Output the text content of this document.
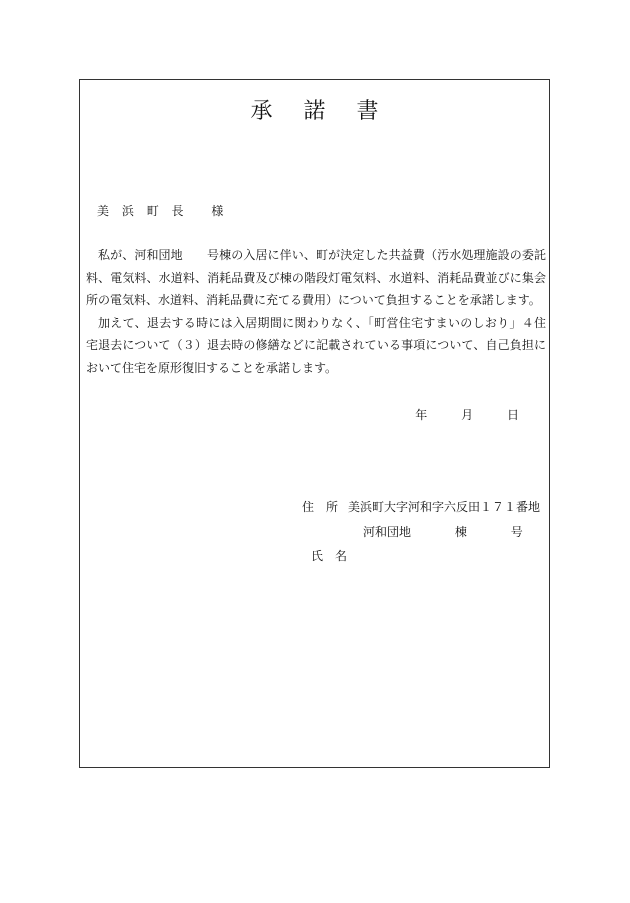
承 諾 書
美 浜 町 長 様

私が、河和団地　　号棟の入居に伴い、町が決定した共益費（汚水処理施設の委託料、電気料、水道料、消耗品費及び棟の階段灯電気料、水道料、消耗品費並びに集会所の電気料、水道料、消耗品費に充てる費用）について負担することを承諾します。

加えて、退去する時には入居期間に関わりなく、「町営住宅すまいのしおり」４住宅退去について（３）退去時の修繕などに記載されている事項について、自己負担において住宅を原形復旧することを承諾します。

年	月	日
住　所 美浜町大字河和字六反田１７１番地
河和団地	棟	号
氏　名
